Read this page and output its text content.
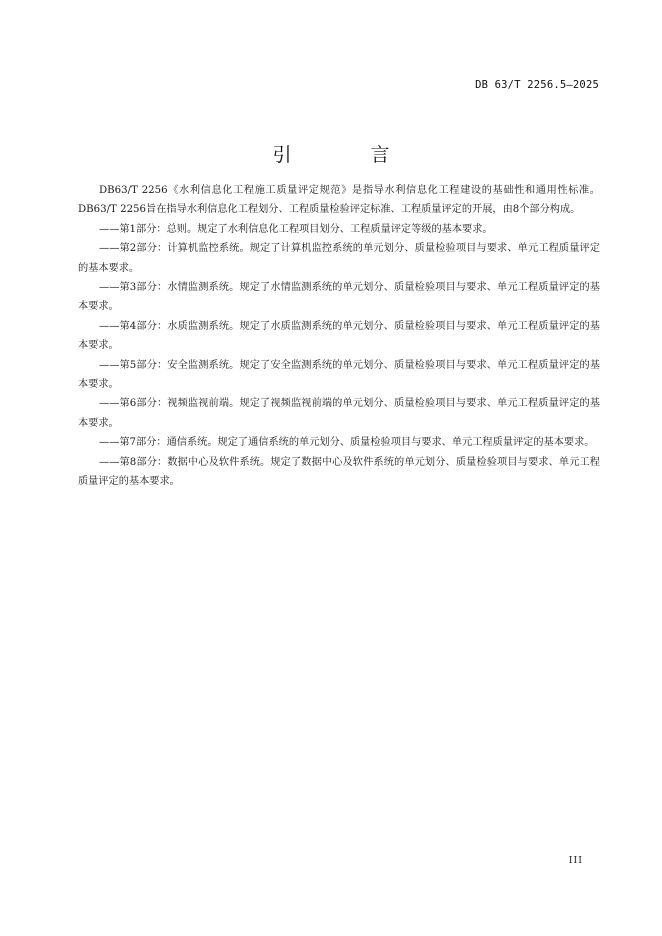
DB 63/T 2256.5—2025
引　言

DB63/T 2256《水利信息化工程施工质量评定规范》是指导水利信息化工程建设的基础性和通用性标准。DB63/T 2256旨在指导水利信息化工程划分、工程质量检验评定标准、工程质量评定的开展，由8个部分构成。

——第1部分：总则。规定了水利信息化工程项目划分、工程质量评定等级的基本要求。

——第2部分：计算机监控系统。规定了计算机监控系统的单元划分、质量检验项目与要求、单元工程质量评定的基本要求。

——第3部分：水情监测系统。规定了水情监测系统的单元划分、质量检验项目与要求、单元工程质量评定的基本要求。

——第4部分：水质监测系统。规定了水质监测系统的单元划分、质量检验项目与要求、单元工程质量评定的基本要求。

——第5部分：安全监测系统。规定了安全监测系统的单元划分、质量检验项目与要求、单元工程质量评定的基本要求。

——第6部分：视频监视前端。规定了视频监视前端的单元划分、质量检验项目与要求、单元工程质量评定的基本要求。

——第7部分：通信系统。规定了通信系统的单元划分、质量检验项目与要求、单元工程质量评定的基本要求。

——第8部分：数据中心及软件系统。规定了数据中心及软件系统的单元划分、质量检验项目与要求、单元工程质量评定的基本要求。

III
